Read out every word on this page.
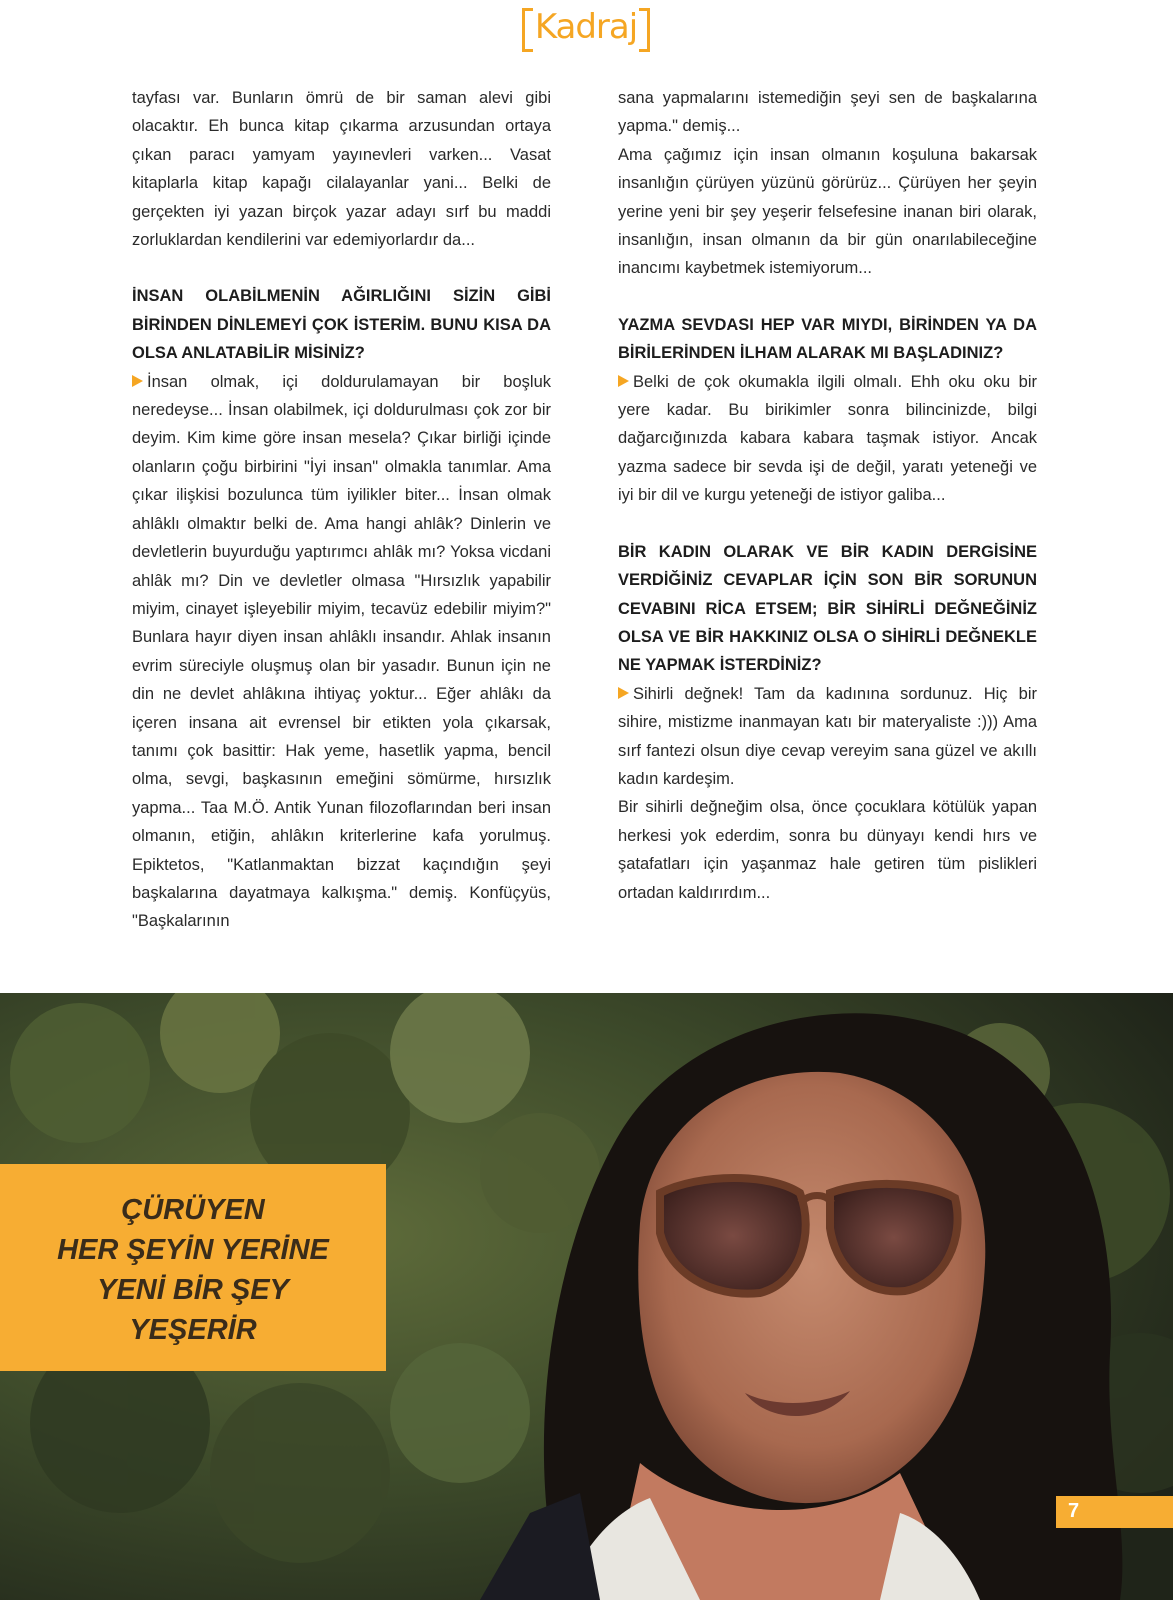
Kadraj

tayfası var. Bunların ömrü de bir saman alevi gibi olacaktır. Eh bunca kitap çıkarma arzusundan ortaya çıkan paracı yamyam yayınevleri varken... Vasat kitaplarla kitap kapağı cilalayanlar yani... Belki de gerçekten iyi yazan birçok yazar adayı sırf bu maddi zorluklardan kendilerini var edemiyorlardır da...

İNSAN OLABİLMENİN AĞIRLIĞINI SİZİN GİBİ BİRİNDEN DİNLEMEYİ ÇOK İSTERİM. BUNU KISA DA OLSA ANLATABİLİR MİSİNİZ?

İnsan olmak, içi doldurulamayan bir boşluk neredeyse... İnsan olabilmek, içi doldurulması çok zor bir deyim. Kim kime göre insan mesela? Çıkar birliği içinde olanların çoğu birbirini "İyi insan" olmakla tanımlar. Ama çıkar ilişkisi bozulunca tüm iyilikler biter... İnsan olmak ahlâklı olmaktır belki de. Ama hangi ahlâk? Dinlerin ve devletlerin buyurduğu yaptırımcı ahlâk mı? Yoksa vicdani ahlâk mı? Din ve devletler olmasa "Hırsızlık yapabilir miyim, cinayet işleyebilir miyim, tecavüz edebilir miyim?" Bunlara hayır diyen insan ahlâklı insandır. Ahlak insanın evrim süreciyle oluşmuş olan bir yasadır. Bunun için ne din ne devlet ahlâkına ihtiyaç yoktur... Eğer ahlâkı da içeren insana ait evrensel bir etikten yola çıkarsak, tanımı çok basittir: Hak yeme, hasetlik yapma, bencil olma, sevgi, başkasının emeğini sömürme, hırsızlık yapma... Taa M.Ö. Antik Yunan filozoflarından beri insan olmanın, etiğin, ahlâkın kriterlerine kafa yorulmuş. Epiktetos, "Katlanmaktan bizzat kaçındığın şeyi başkalarına dayatmaya kalkışma." demiş. Konfüçyüs, "Başkalarının

sana yapmalarını istemediğin şeyi sen de başkalarına yapma." demiş...

Ama çağımız için insan olmanın koşuluna bakarsak insanlığın çürüyen yüzünü görürüz... Çürüyen her şeyin yerine yeni bir şey yeşerir felsefesine inanan biri olarak, insanlığın, insan olmanın da bir gün onarılabileceğine inancımı kaybetmek istemiyorum...

YAZMA SEVDASI HEP VAR MIYDI, BİRİNDEN YA DA BİRİLERİNDEN İLHAM ALARAK MI BAŞLADINIZ?

Belki de çok okumakla ilgili olmalı. Ehh oku oku bir yere kadar. Bu birikimler sonra bilincinizde, bilgi dağarcığınızda kabara kabara taşmak istiyor. Ancak yazma sadece bir sevda işi de değil, yaratı yeteneği ve iyi bir dil ve kurgu yeteneği de istiyor galiba...

BİR KADIN OLARAK VE BİR KADIN DERGİSİNE VERDİĞİNİZ CEVAPLAR İÇİN SON BİR SORUNUN CEVABINI RİCA ETSEM; BİR SİHİRLİ DEĞNEĞİNİZ OLSA VE BİR HAKKINIZ OLSA O SİHİRLİ DEĞNEKLE NE YAPMAK İSTERDİNİZ?

Sihirli değnek! Tam da kadınına sordunuz. Hiç bir sihire, mistizme inanmayan katı bir materyaliste :))) Ama sırf fantezi olsun diye cevap vereyim sana güzel ve akıllı kadın kardeşim.

Bir sihirli değneğim olsa, önce çocuklara kötülük yapan herkesi yok ederdim, sonra bu dünyayı kendi hırs ve şatafatları için yaşanmaz hale getiren tüm pislikleri ortadan kaldırırdım...

ÇÜRÜYEN
HER ŞEYİN YERİNE
YENİ BİR ŞEY
YEŞERİR
7
